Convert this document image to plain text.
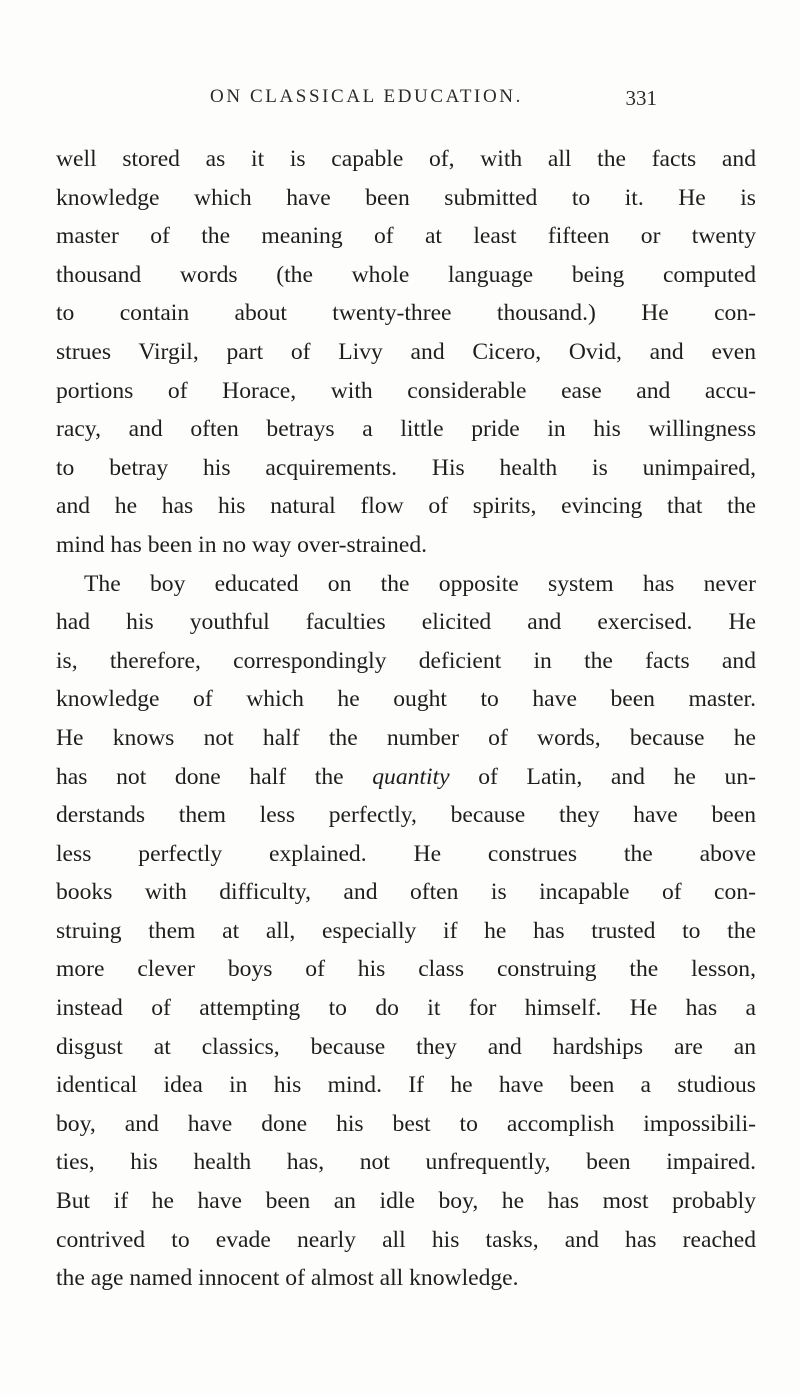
ON CLASSICAL EDUCATION.	331
well stored as it is capable of, with all the facts and
knowledge which have been submitted to it. He is
master of the meaning of at least fifteen or twenty
thousand words (the whole language being computed
to contain about twenty-three thousand.) He con-
strues Virgil, part of Livy and Cicero, Ovid, and even
portions of Horace, with considerable ease and accu-
racy, and often betrays a little pride in his willingness
to betray his acquirements. His health is unimpaired,
and he has his natural flow of spirits, evincing that the
mind has been in no way over-strained.
The boy educated on the opposite system has never
had his youthful faculties elicited and exercised. He
is, therefore, correspondingly deficient in the facts and
knowledge of which he ought to have been master.
He knows not half the number of words, because he
has not done half the quantity of Latin, and he un-
derstands them less perfectly, because they have been
less perfectly explained. He construes the above
books with difficulty, and often is incapable of con-
struing them at all, especially if he has trusted to the
more clever boys of his class construing the lesson,
instead of attempting to do it for himself. He has a
disgust at classics, because they and hardships are an
identical idea in his mind. If he have been a studious
boy, and have done his best to accomplish impossibili-
ties, his health has, not unfrequently, been impaired.
But if he have been an idle boy, he has most probably
contrived to evade nearly all his tasks, and has reached
the age named innocent of almost all knowledge.
